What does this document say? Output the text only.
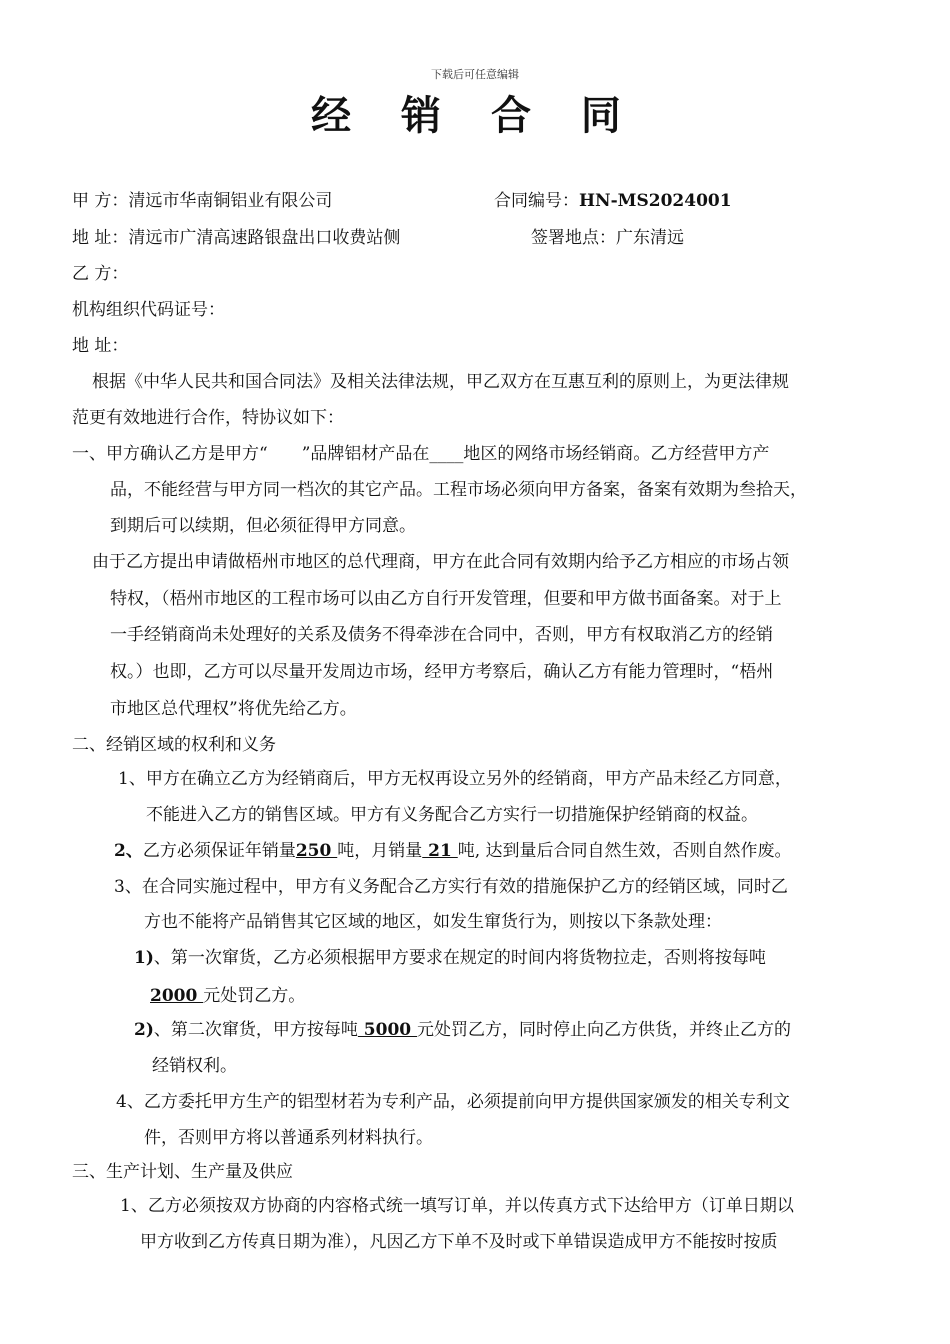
下载后可任意编辑
经 销 合 同
甲 方：清远市华南铜铝业有限公司	合同编号：HN-MS2024001
地 址：清远市广清高速路银盘出口收费站侧	签署地点：广东清远
乙 方：
机构组织代码证号：
地 址：
根据《中华人民共和国合同法》及相关法律法规，甲乙双方在互惠互利的原则上，为更法律规
范更有效地进行合作，特协议如下：
一、甲方确认乙方是甲方“　　”品牌铝材产品在____地区的网络市场经销商。乙方经营甲方产
品，不能经营与甲方同一档次的其它产品。工程市场必须向甲方备案，备案有效期为叁拾天，
到期后可以续期，但必须征得甲方同意。
由于乙方提出申请做梧州市地区的总代理商，甲方在此合同有效期内给予乙方相应的市场占领
特权，（梧州市地区的工程市场可以由乙方自行开发管理，但要和甲方做书面备案。对于上
一手经销商尚未处理好的关系及债务不得牵涉在合同中，否则，甲方有权取消乙方的经销
权。）也即，乙方可以尽量开发周边市场，经甲方考察后，确认乙方有能力管理时，“梧州
市地区总代理权”将优先给乙方。
二、经销区域的权利和义务
1、甲方在确立乙方为经销商后，甲方无权再设立另外的经销商，甲方产品未经乙方同意，
不能进入乙方的销售区域。甲方有义务配合乙方实行一切措施保护经销商的权益。
2、乙方必须保证年销量250 吨，月销量 21 吨, 达到量后合同自然生效，否则自然作废。
3、在合同实施过程中，甲方有义务配合乙方实行有效的措施保护乙方的经销区域，同时乙
方也不能将产品销售其它区域的地区，如发生窜货行为，则按以下条款处理：
1)、第一次窜货，乙方必须根据甲方要求在规定的时间内将货物拉走，否则将按每吨
2000 元处罚乙方。
2)、第二次窜货，甲方按每吨 5000 元处罚乙方，同时停止向乙方供货，并终止乙方的
经销权利。
4、乙方委托甲方生产的铝型材若为专利产品，必须提前向甲方提供国家颁发的相关专利文
件，否则甲方将以普通系列材料执行。
三、生产计划、生产量及供应
1、乙方必须按双方协商的内容格式统一填写订单，并以传真方式下达给甲方（订单日期以
甲方收到乙方传真日期为准），凡因乙方下单不及时或下单错误造成甲方不能按时按质
